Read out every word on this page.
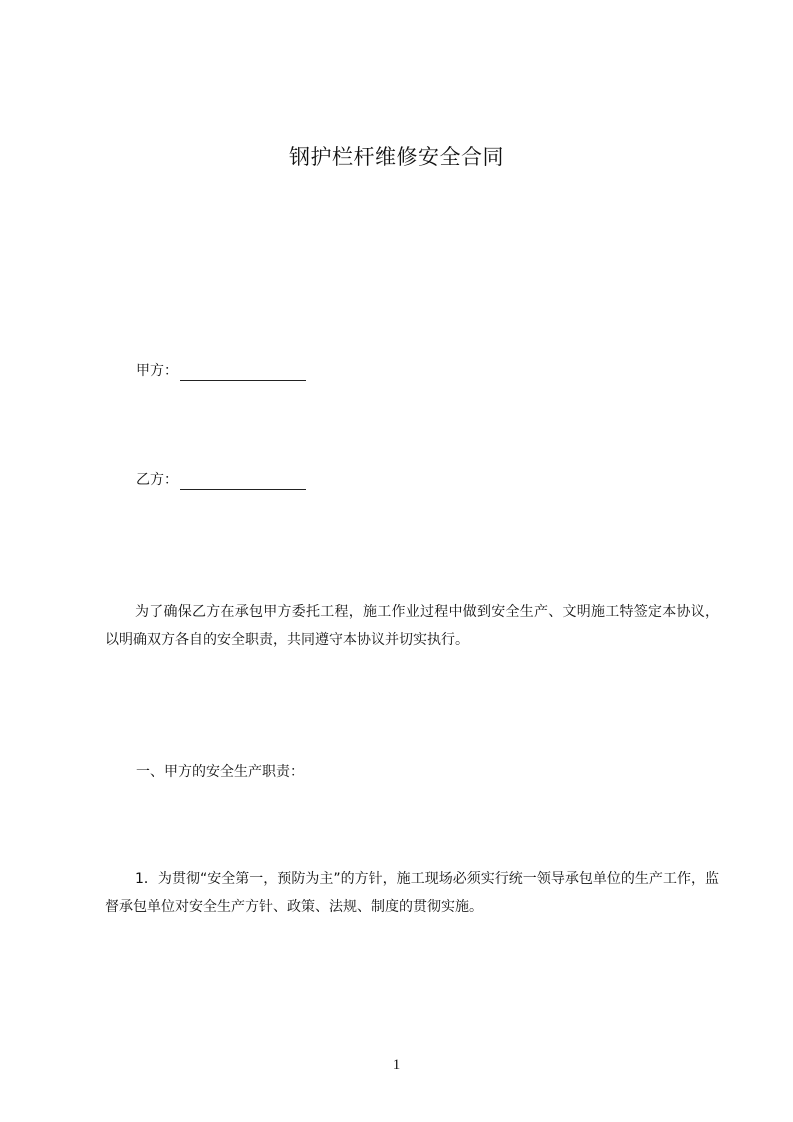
钢护栏杆维修安全合同
甲方：
乙方：

为了确保乙方在承包甲方委托工程，施工作业过程中做到安全生产、文明施工特签定本协议，以明确双方各自的安全职责，共同遵守本协议并切实执行。

一、甲方的安全生产职责：

1．为贯彻“安全第一，预防为主”的方针，施工现场必须实行统一领导承包单位的生产工作，监督承包单位对安全生产方针、政策、法规、制度的贯彻实施。

1
